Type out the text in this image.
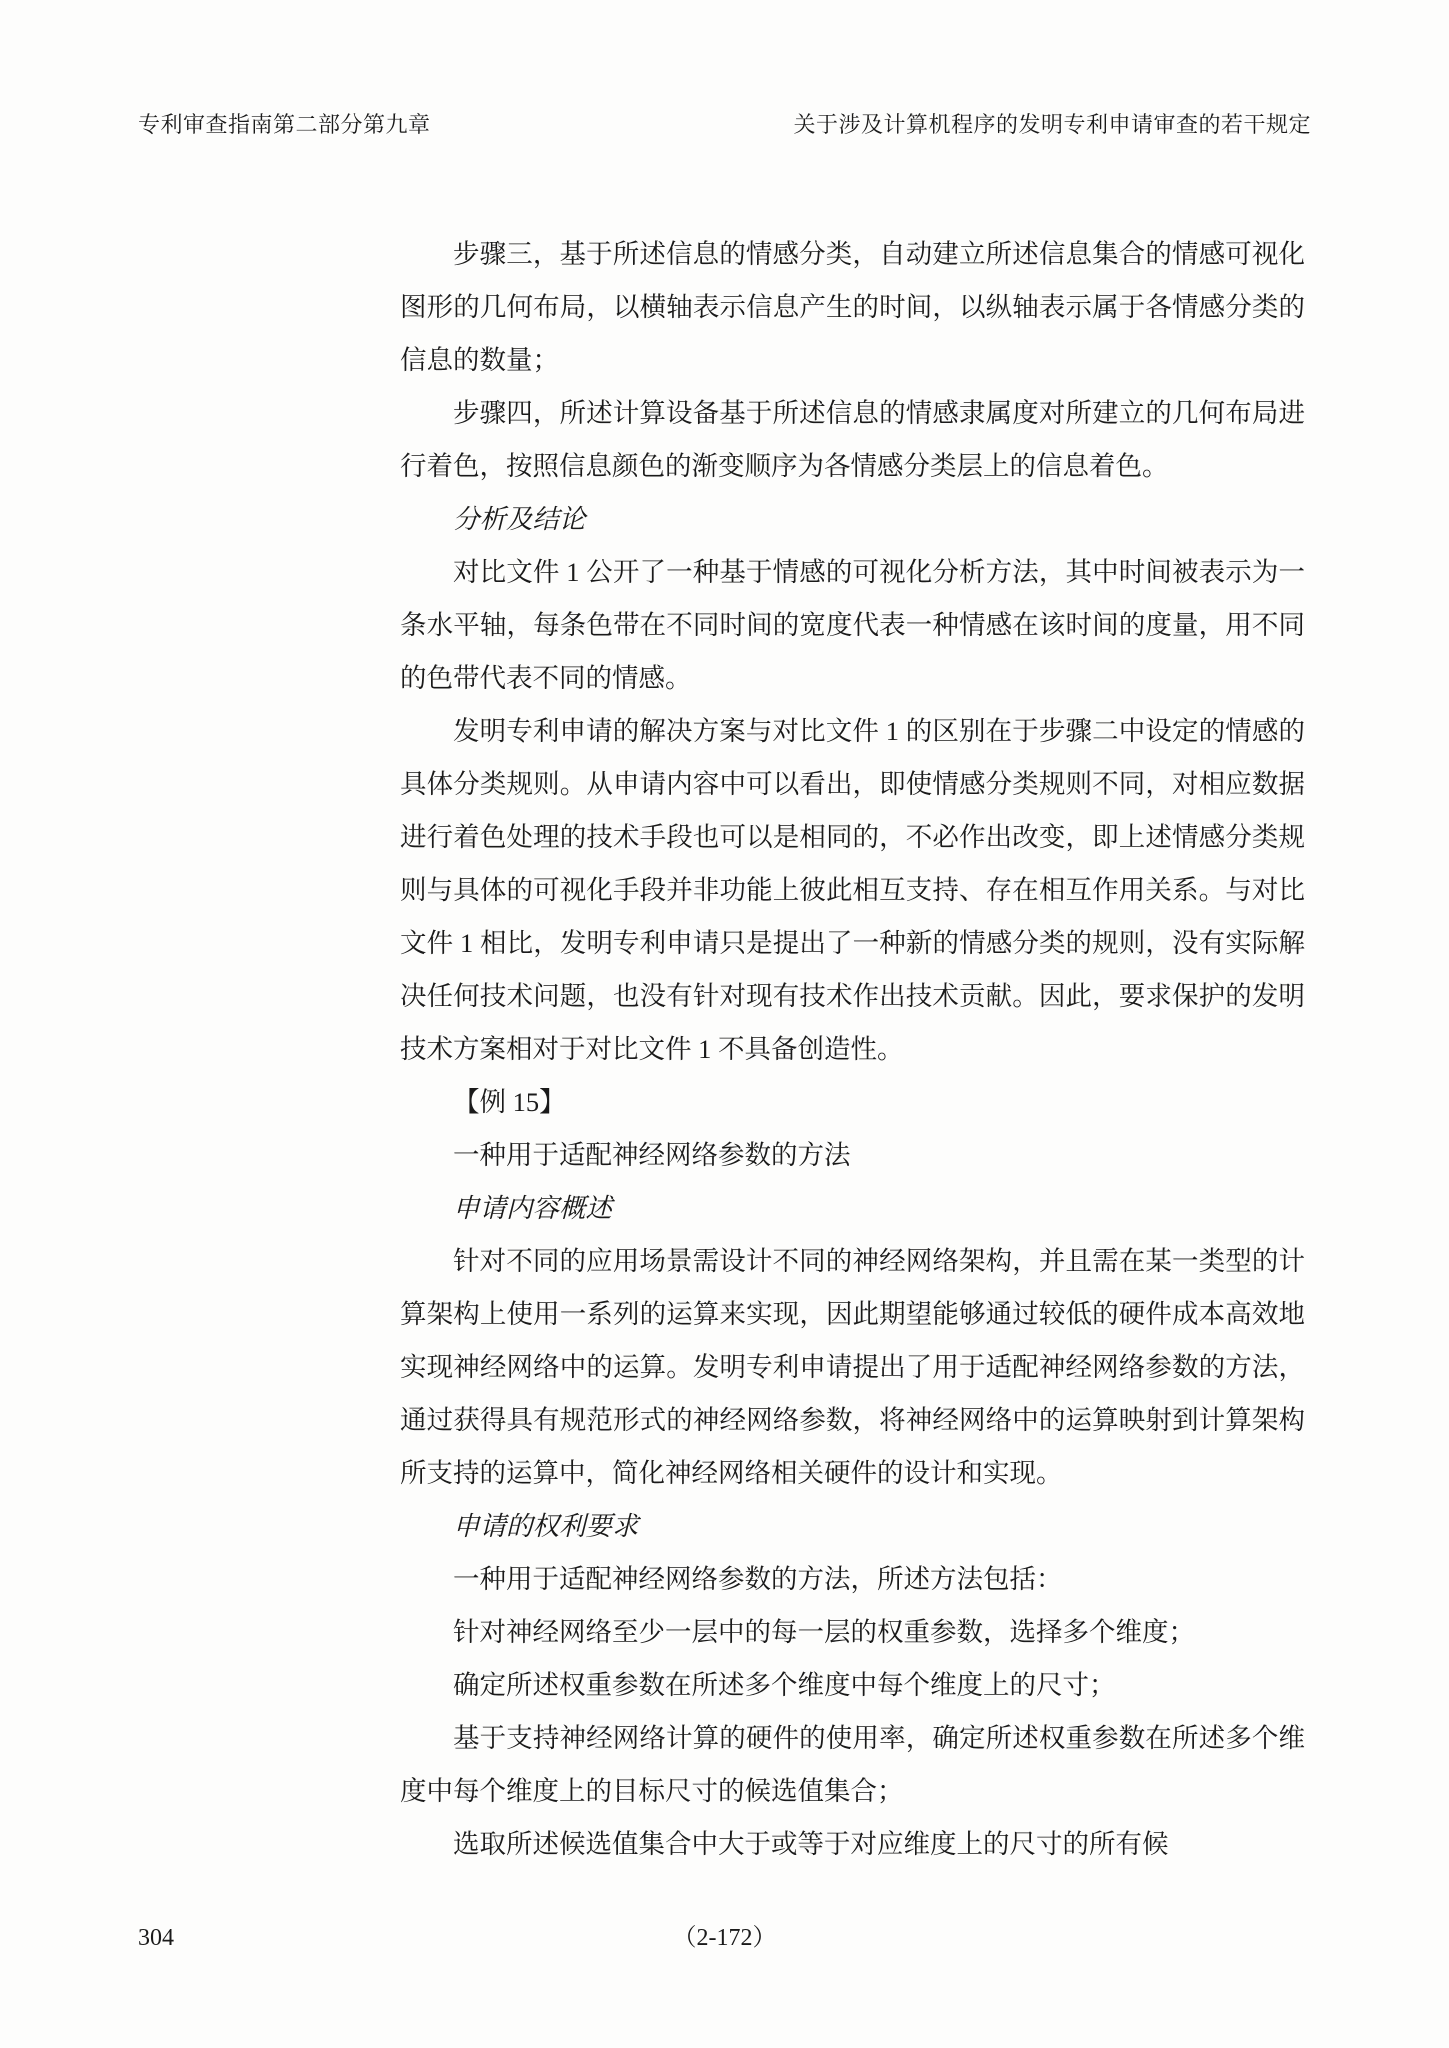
专利审查指南第二部分第九章	关于涉及计算机程序的发明专利申请审查的若干规定

步骤三，基于所述信息的情感分类，自动建立所述信息集合的情感可视化图形的几何布局，以横轴表示信息产生的时间，以纵轴表示属于各情感分类的信息的数量；

步骤四，所述计算设备基于所述信息的情感隶属度对所建立的几何布局进行着色，按照信息颜色的渐变顺序为各情感分类层上的信息着色。

分析及结论

对比文件 1 公开了一种基于情感的可视化分析方法，其中时间被表示为一条水平轴，每条色带在不同时间的宽度代表一种情感在该时间的度量，用不同的色带代表不同的情感。

发明专利申请的解决方案与对比文件 1 的区别在于步骤二中设定的情感的具体分类规则。从申请内容中可以看出，即使情感分类规则不同，对相应数据进行着色处理的技术手段也可以是相同的，不必作出改变，即上述情感分类规则与具体的可视化手段并非功能上彼此相互支持、存在相互作用关系。与对比文件 1 相比，发明专利申请只是提出了一种新的情感分类的规则，没有实际解决任何技术问题，也没有针对现有技术作出技术贡献。因此，要求保护的发明技术方案相对于对比文件 1 不具备创造性。

【例 15】

一种用于适配神经网络参数的方法

申请内容概述

针对不同的应用场景需设计不同的神经网络架构，并且需在某一类型的计算架构上使用一系列的运算来实现，因此期望能够通过较低的硬件成本高效地实现神经网络中的运算。发明专利申请提出了用于适配神经网络参数的方法，通过获得具有规范形式的神经网络参数，将神经网络中的运算映射到计算架构所支持的运算中，简化神经网络相关硬件的设计和实现。

申请的权利要求

一种用于适配神经网络参数的方法，所述方法包括：

针对神经网络至少一层中的每一层的权重参数，选择多个维度；

确定所述权重参数在所述多个维度中每个维度上的尺寸；

基于支持神经网络计算的硬件的使用率，确定所述权重参数在所述多个维度中每个维度上的目标尺寸的候选值集合；

选取所述候选值集合中大于或等于对应维度上的尺寸的所有候

304	（2-172）
